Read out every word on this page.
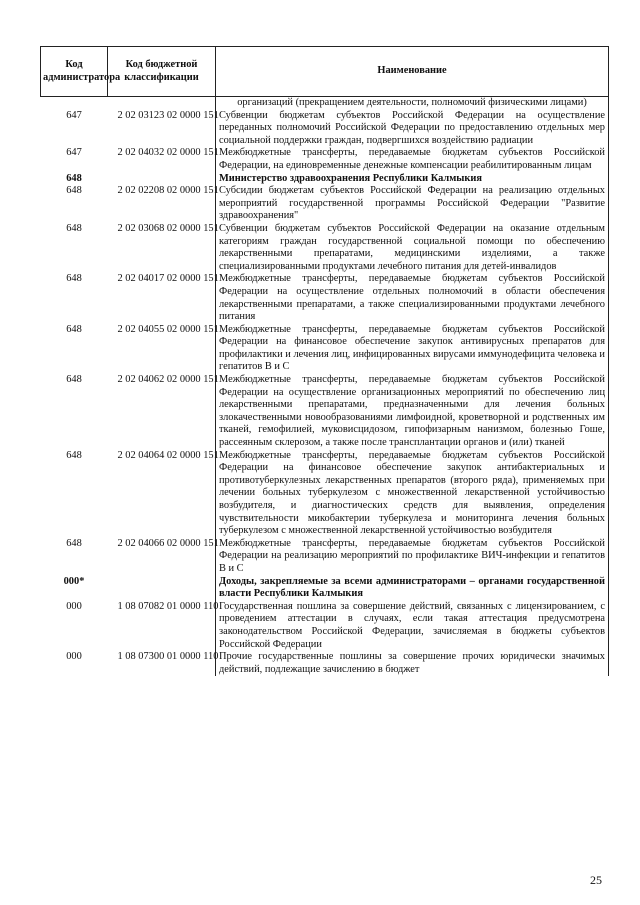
Код администратора	Код бюджетной классификации	Наименование
		организаций (прекращением деятельности, полномочий физическими лицами)
647	2 02 03123 02 0000 151	Субвенции бюджетам субъектов Российской Федерации на осуществление переданных полномочий Российской Федерации по предоставлению отдельных мер социальной поддержки граждан, подвергшихся воздействию радиации
647	2 02 04032 02 0000 151	Межбюджетные трансферты, передаваемые бюджетам субъектов Российской Федерации, на единовременные денежные компенсации реабилитированным лицам
648		Министерство здравоохранения Республики Калмыкия
648	2 02 02208 02 0000 151	Субсидии бюджетам субъектов Российской Федерации на реализацию отдельных мероприятий государственной программы Российской Федерации "Развитие здравоохранения"
648	2 02 03068 02 0000 151	Субвенции бюджетам субъектов Российской Федерации на оказание отдельным категориям граждан государственной социальной помощи по обеспечению лекарственными препаратами, медицинскими изделиями, а также специализированными продуктами лечебного питания для детей-инвалидов
648	2 02 04017 02 0000 151	Межбюджетные трансферты, передаваемые бюджетам субъектов Российской Федерации на осуществление отдельных полномочий в области обеспечения лекарственными препаратами, а также специализированными продуктами лечебного питания
648	2 02 04055 02 0000 151	Межбюджетные трансферты, передаваемые бюджетам субъектов Российской Федерации на финансовое обеспечение закупок антивирусных препаратов для профилактики и лечения лиц, инфицированных вирусами иммунодефицита человека и гепатитов В и С
648	2 02 04062 02 0000 151	Межбюджетные трансферты, передаваемые бюджетам субъектов Российской Федерации на осуществление организационных мероприятий по обеспечению лиц лекарственными препаратами, предназначенными для лечения больных злокачественными новообразованиями лимфоидной, кроветворной и родственных им тканей, гемофилией, муковисцидозом, гипофизарным нанизмом, болезнью Гоше, рассеянным склерозом, а также после трансплантации органов и (или) тканей
648	2 02 04064 02 0000 151	Межбюджетные трансферты, передаваемые бюджетам субъектов Российской Федерации на финансовое обеспечение закупок антибактериальных и противотуберкулезных лекарственных препаратов (второго ряда), применяемых при лечении больных туберкулезом с множественной лекарственной устойчивостью возбудителя, и диагностических средств для выявления, определения чувствительности микобактерии туберкулеза и мониторинга лечения больных туберкулезом с множественной лекарственной устойчивостью возбудителя
648	2 02 04066 02 0000 151	Межбюджетные трансферты, передаваемые бюджетам субъектов Российской Федерации на реализацию мероприятий по профилактике ВИЧ-инфекции и гепатитов В и С
000*		Доходы, закрепляемые за всеми администраторами – органами государственной власти Республики Калмыкия
000	1 08 07082 01 0000 110	Государственная пошлина за совершение действий, связанных с лицензированием, с проведением аттестации в случаях, если такая аттестация предусмотрена законодательством Российской Федерации, зачисляемая в бюджеты субъектов Российской Федерации
000	1 08 07300 01 0000 110	Прочие государственные пошлины за совершение прочих юридически значимых действий, подлежащие зачислению в бюджет
25
